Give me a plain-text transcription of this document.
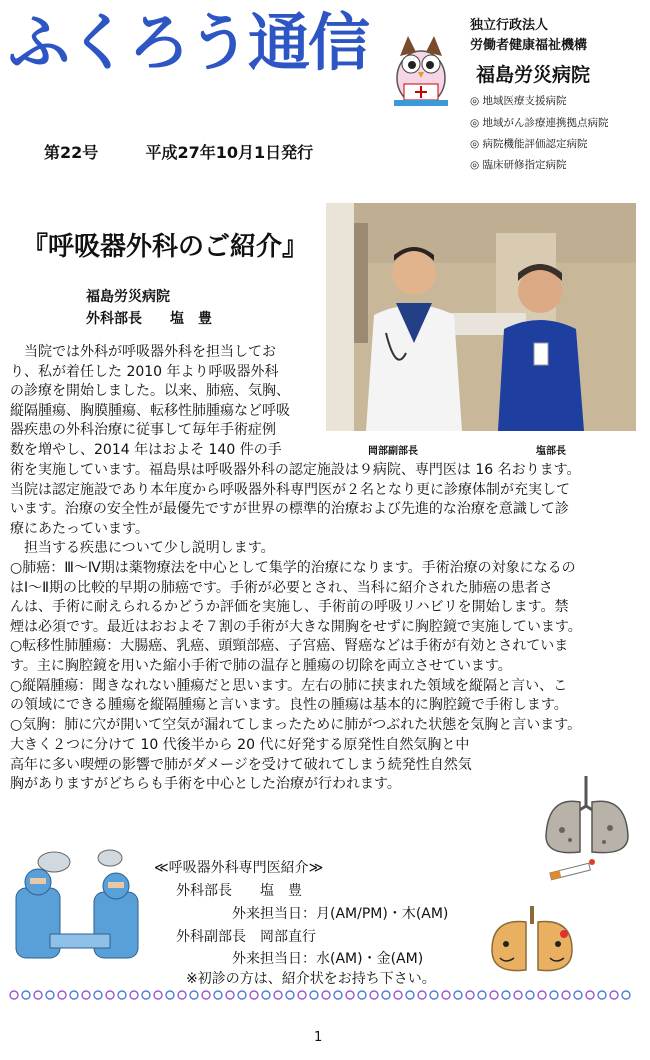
ふくろう通信	独立行政法人
労働者健康福祉機構
福島労災病院
◎ 地域医療支援病院
◎ 地域がん診療連携拠点病院
◎ 病院機能評価認定病院
◎ 臨床研修指定病院
第22号	平成27年10月1日発行
『呼吸器外科のご紹介』
福島労災病院
外科部長　　塩　豊
岡部副部長	塩部長
　当院では外科が呼吸器外科を担当してお
り、私が着任した 2010 年より呼吸器外科
の診療を開始しました。以来、肺癌、気胸、
縦隔腫瘍、胸膜腫瘍、転移性肺腫瘍など呼吸
器疾患の外科治療に従事して毎年手術症例
数を増やし、2014 年はおよそ 140 件の手
術を実施しています。福島県は呼吸器外科の認定施設は９病院、専門医は 16 名おります。
当院は認定施設であり本年度から呼吸器外科専門医が２名となり更に診療体制が充実して
います。治療の安全性が最優先ですが世界の標準的治療および先進的な治療を意識して診
療にあたっています。
　担当する疾患について少し説明します。
○肺癌：Ⅲ～Ⅳ期は薬物療法を中心として集学的治療になります。手術治療の対象になるの
はⅠ～Ⅱ期の比較的早期の肺癌です。手術が必要とされ、当科に紹介された肺癌の患者さ
んは、手術に耐えられるかどうか評価を実施し、手術前の呼吸リハビリを開始します。禁
煙は必須です。最近はおおよそ７割の手術が大きな開胸をせずに胸腔鏡で実施しています。
○転移性肺腫瘍：大腸癌、乳癌、頭頸部癌、子宮癌、腎癌などは手術が有効とされていま
す。主に胸腔鏡を用いた縮小手術で肺の温存と腫瘍の切除を両立させています。
○縦隔腫瘍：聞きなれない腫瘍だと思います。左右の肺に挟まれた領域を縦隔と言い、こ
の領域にできる腫瘍を縦隔腫瘍と言います。良性の腫瘍は基本的に胸腔鏡で手術します。
○気胸：肺に穴が開いて空気が漏れてしまったために肺がつぶれた状態を気胸と言います。
大きく２つに分けて 10 代後半から 20 代に好発する原発性自然気胸と中
高年に多い喫煙の影響で肺がダメージを受けて破れてしまう続発性自然気
胸がありますがどちらも手術を中心とした治療が行われます。
≪呼吸器外科専門医紹介≫
外科部長　　塩　豊
外来担当日：月(AM/PM)・木(AM)
外科副部長　岡部直行
外来担当日：水(AM)・金(AM)
※初診の方は、紹介状をお持ち下さい。
1
